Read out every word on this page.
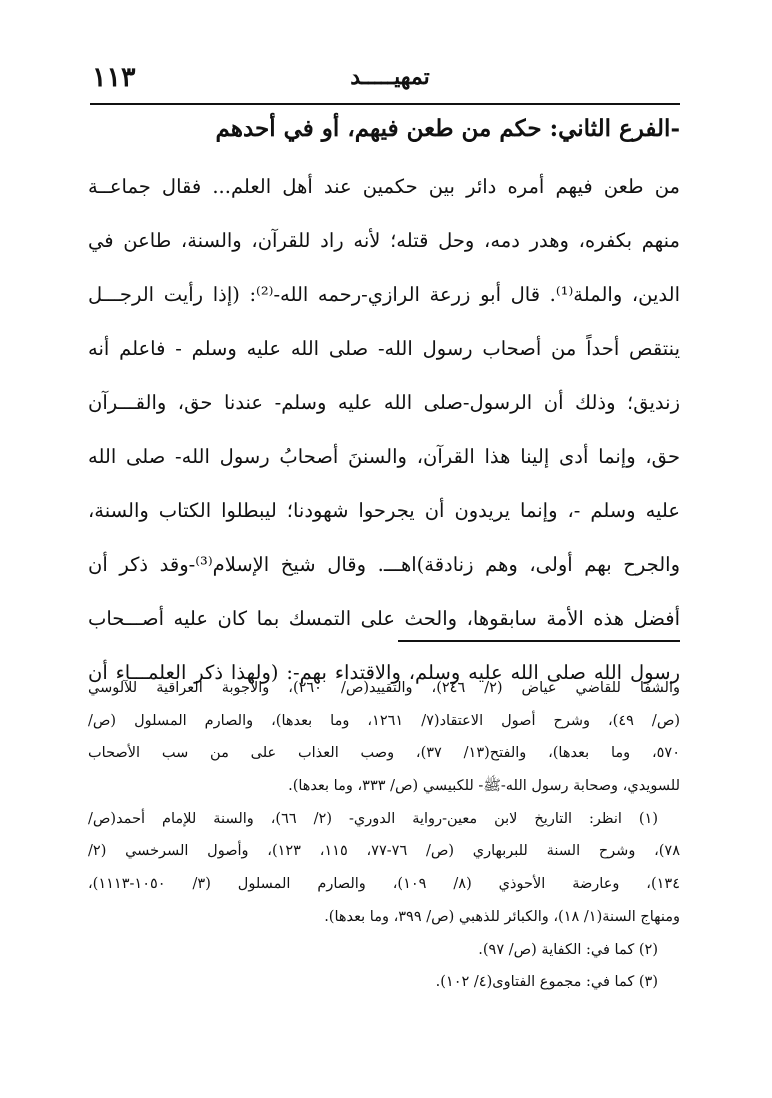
١١٣	تمهيـــــد
-الفرع الثاني: حكم من طعن فيهم، أو في أحدهم
من طعن فيهم أمره دائر بين حكمين عند أهل العلم... فقال جماعــة
منهم بكفره، وهدر دمه، وحل قتله؛ لأنه راد للقرآن، والسنة، طاعن في
الدين، والملة⁽¹⁾. قال أبو زرعة الرازي-رحمه الله-⁽²⁾: (إذا رأيت الرجـــل
ينتقص أحداً من أصحاب رسول الله- صلى الله عليه وسلم - فاعلم أنه
زنديق؛ وذلك أن الرسول-صلى الله عليه وسلم- عندنا حق، والقـــرآن
حق، وإنما أدى إلينا هذا القرآن، والسننَ أصحابُ رسول الله- صلى الله
عليه وسلم -، وإنما يريدون أن يجرحوا شهودنا؛ ليبطلوا الكتاب والسنة،
والجرح بهم أولى، وهم زنادقة)اهـــ. وقال شيخ الإسلام⁽³⁾-وقد ذكر أن
أفضل هذه الأمة سابقوها، والحث على التمسك بما كان عليه أصـــحاب
رسول الله صلى الله عليه وسلم، والاقتداء بهم-: (ولهذا ذكر العلمـــاء أن
والشفا للقاضي عياض (٢/ ٢٤٦)، والتقييد(ص/ ٢٦٠)، والأجوبة العراقية للآلوسي
(ص/ ٤٩)، وشرح أصول الاعتقاد(٧/ ١٢٦١، وما بعدها)، والصارم المسلول (ص/
٥٧٠، وما بعدها)، والفتح(١٣/ ٣٧)، وصب العذاب على من سب الأصحاب
للسويدي، وصحابة رسول الله-ﷺ- للكبيسي (ص/ ٣٣٣، وما بعدها).
(١) انظر: التاريخ لابن معين-رواية الدوري- (٢/ ٦٦)، والسنة للإمام أحمد(ص/
٧٨)، وشرح السنة للبربهاري (ص/ ٧٦-٧٧، ١١٥، ١٢٣)، وأصول السرخسي (٢/
١٣٤)، وعارضة الأحوذي (٨/ ١٠٩)، والصارم المسلول (٣/ ١٠٥٠-١١١٣)،
ومنهاج السنة(١/ ١٨)، والكبائر للذهبي (ص/ ٣٩٩، وما بعدها).
(٢) كما في: الكفاية (ص/ ٩٧).
(٣) كما في: مجموع الفتاوى(٤/ ١٠٢).
